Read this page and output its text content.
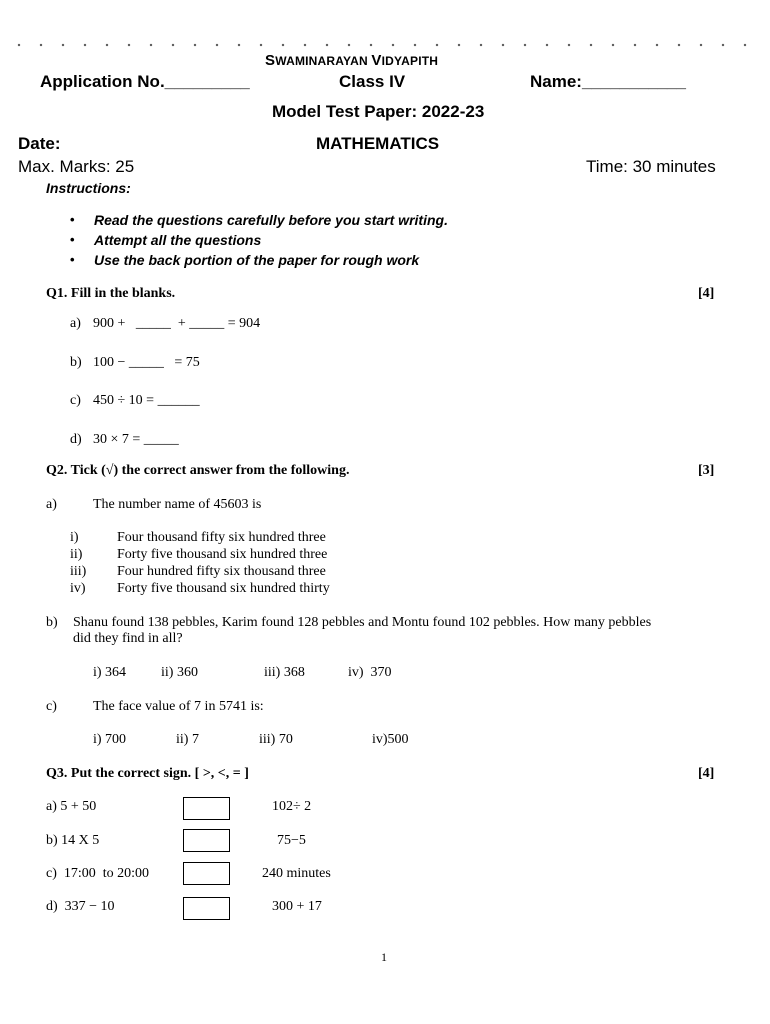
SWAMINARAYAN VIDYAPITH
Application No._________	Class IV	Name:___________
Model Test Paper: 2022-23
Date:	MATHEMATICS
Max. Marks: 25	Time: 30 minutes
Instructions:
• Read the questions carefully before you start writing.
• Attempt all the questions
• Use the back portion of the paper for rough work
Q1. Fill in the blanks.	[4]
a) 900 +   _____  + _____ = 904
b) 100 − _____   = 75
c) 450 ÷ 10 = ______
d) 30 × 7 = _____
Q2. Tick (√) the correct answer from the following.	[3]
a)	The number name of 45603 is
i)	Four thousand fifty six hundred three
ii) Forty five thousand six hundred three
iii) Four hundred fifty six thousand three
iv) Forty five thousand six hundred thirty
b) Shanu found 138 pebbles, Karim found 128 pebbles and Montu found 102 pebbles. How many pebbles
did they find in all?
i) 364 ii) 360	iii) 368	iv)  370
c)	The face value of 7 in 5741 is:
i) 700	ii) 7	iii) 70	iv)500
Q3. Put the correct sign. [ >, <, = ]	[4]
a) 5 + 50	102÷ 2
b) 14 X 5	75−5
c)  17:00  to 20:00	240 minutes
d)  337 − 10	300 + 17
1
